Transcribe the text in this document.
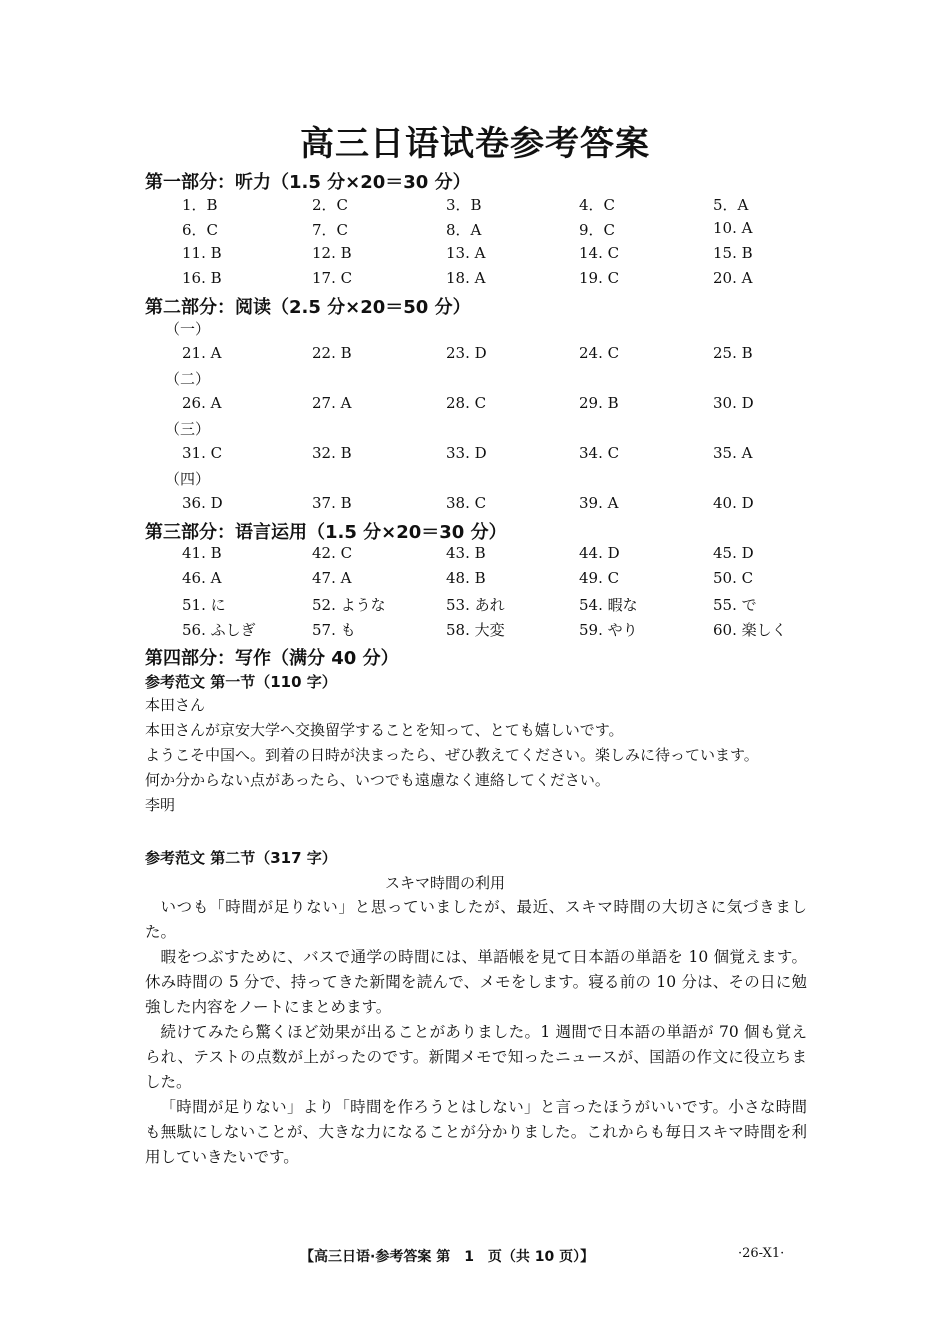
高三日语试卷参考答案
第一部分：听力（1.5 分×20＝30 分）
1．B	2．C	3．B	4．C	5．A
6．C	7．C	8．A	9．C	10. A
11. B	12. B	13. A	14. C	15. B
16. B	17. C	18. A	19. C	20. A
第二部分：阅读（2.5 分×20＝50 分）
（一）
21. A	22. B	23. D	24. C	25. B
（二）
26. A	27. A	28. C	29. B	30. D
（三）
31. C	32. B	33. D	34. C	35. A
（四）
36. D	37. B	38. C	39. A	40. D
第三部分：语言运用（1.5 分×20＝30 分）
41. B	42. C	43. B	44. D	45. D
46. A	47. A	48. B	49. C	50. C
51. に	52. ような	53. あれ	54. 暇な	55. で
56. ふしぎ	57. も	58. 大変	59. やり	60. 楽しく
第四部分：写作（满分 40 分）
参考范文 第一节（110 字）
本田さん
本田さんが京安大学へ交換留学することを知って、とても嬉しいです。
ようこそ中国へ。到着の日時が決まったら、ぜひ教えてください。楽しみに待っています。
何か分からない点があったら、いつでも遠慮なく連絡してください。
李明
参考范文 第二节（317 字）
スキマ時間の利用
いつも「時間が足りない」と思っていましたが、最近、スキマ時間の大切さに気づきました。
暇をつぶすために、バスで通学の時間には、単語帳を見て日本語の単語を 10 個覚えます。休み時間の 5 分で、持ってきた新聞を読んで、メモをします。寝る前の 10 分は、その日に勉強した内容をノートにまとめます。
続けてみたら驚くほど効果が出ることがありました。1 週間で日本語の単語が 70 個も覚えられ、テストの点数が上がったのです。新聞メモで知ったニュースが、国語の作文に役立ちました。
「時間が足りない」より「時間を作ろうとはしない」と言ったほうがいいです。小さな時間も無駄にしないことが、大きな力になることが分かりました。これからも毎日スキマ時間を利用していきたいです。
【高三日语·参考答案 第　1　页（共 10 页）】	·26-X1·
